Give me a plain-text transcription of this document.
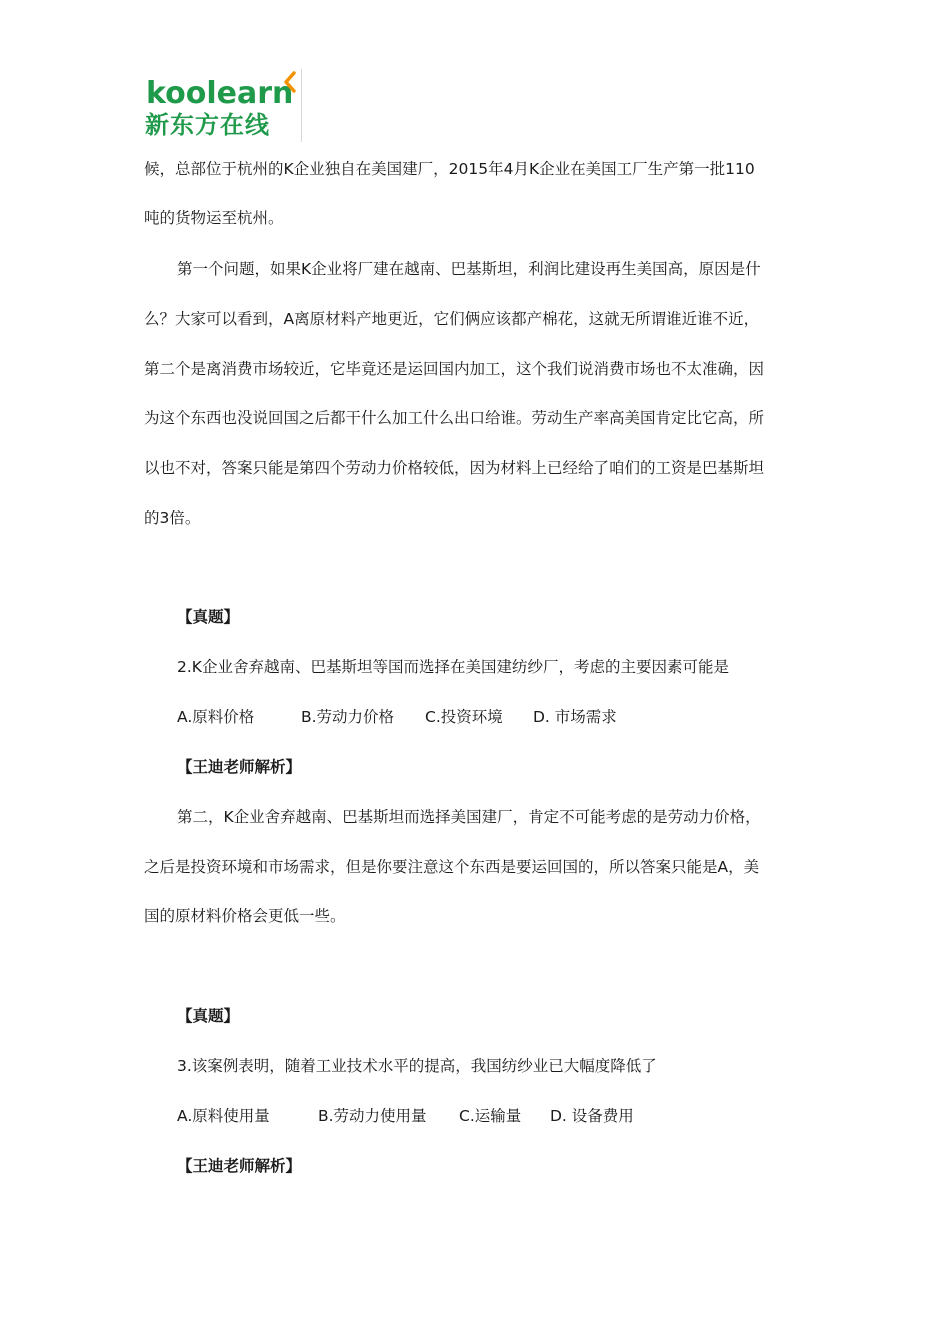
koolearn
新东方在线
候，总部位于杭州的K企业独自在美国建厂，2015年4月K企业在美国工厂生产第一批110
吨的货物运至杭州。
第一个问题，如果K企业将厂建在越南、巴基斯坦，利润比建设再生美国高，原因是什
么？大家可以看到，A离原材料产地更近，它们俩应该都产棉花，这就无所谓谁近谁不近，
第二个是离消费市场较近，它毕竟还是运回国内加工，这个我们说消费市场也不太准确，因
为这个东西也没说回国之后都干什么加工什么出口给谁。劳动生产率高美国肯定比它高，所
以也不对，答案只能是第四个劳动力价格较低，因为材料上已经给了咱们的工资是巴基斯坦
的3倍。
【真题】
2.K企业舍弃越南、巴基斯坦等国而选择在美国建纺纱厂，考虑的主要因素可能是
A.原料价格	B.劳动力价格 C.投资环境 D. 市场需求
【王迪老师解析】
第二，K企业舍弃越南、巴基斯坦而选择美国建厂，肯定不可能考虑的是劳动力价格，
之后是投资环境和市场需求，但是你要注意这个东西是要运回国的，所以答案只能是A，美
国的原材料价格会更低一些。
【真题】
3.该案例表明，随着工业技术水平的提高，我国纺纱业已大幅度降低了
A.原料使用量	B.劳动力使用量 C.运输量 D. 设备费用
【王迪老师解析】
